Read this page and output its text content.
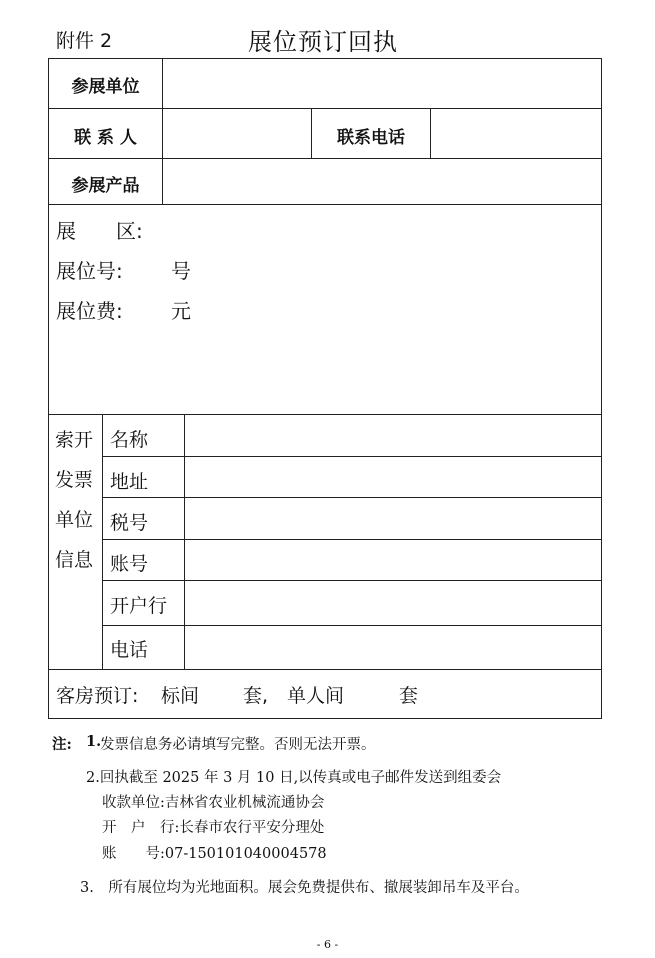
附件 2	展位预订回执
参展单位
联 系 人	联系电话
参展产品
展　　区:
展位号: 号
展位费: 元
索开
发票
单位
信息
名称
地址
税号
账号
开户行
电话
客房预订: 标间 套, 单人间	套
注: 1.
发票信息务必请填写完整。否则无法开票。
2.回执截至 2025 年 3 月 10 日,以传真或电子邮件发送到组委会
收款单位:吉林省农业机械流通协会
开　户　行:长春市农行平安分理处
账　　号:07-150101040004578
3.　所有展位均为光地面积。展会免费提供布、撤展装卸吊车及平台。
- 6 -
